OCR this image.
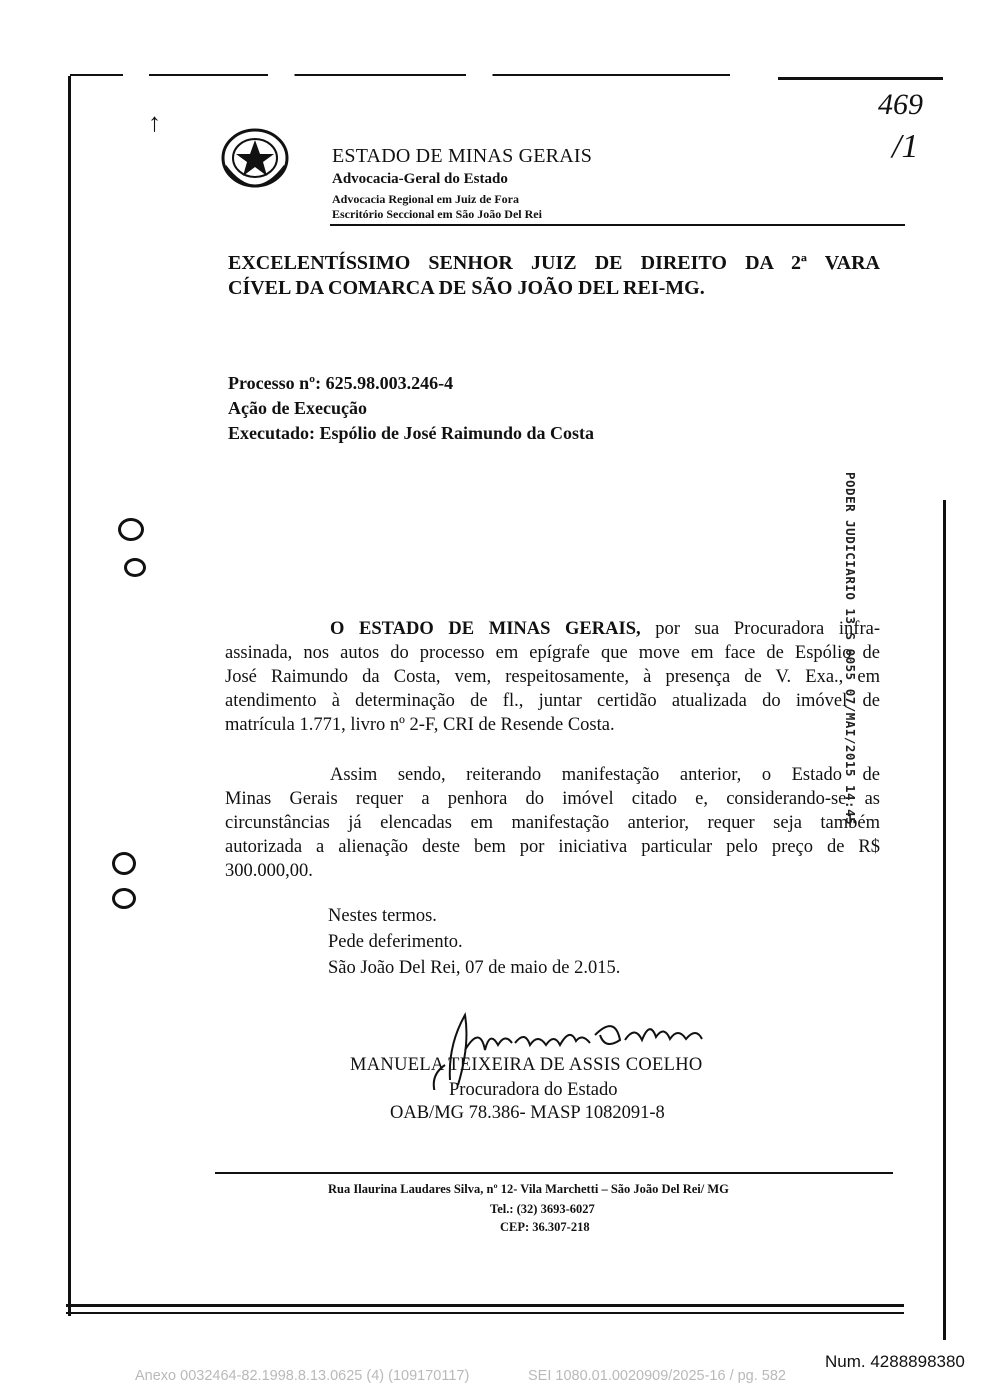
↑
469
/1
ESTADO DE MINAS GERAIS
Advocacia-Geral do Estado
Advocacia Regional em Juiz de Fora
Escritório Seccional em São João Del Rei
EXCELENTÍSSIMO SENHOR JUIZ DE DIREITO DA 2ª VARA
CÍVEL DA COMARCA DE SÃO JOÃO DEL REI-MG.
Processo nº: 625.98.003.246-4
Ação de Execução
Executado: Espólio de José Raimundo da Costa
O ESTADO DE MINAS GERAIS, por sua Procuradora infra-
assinada, nos autos do processo em epígrafe que move em face de Espólio de
José Raimundo da Costa, vem, respeitosamente, à presença de V. Exa., em
atendimento à determinação de fl., juntar certidão atualizada do imóvel de
matrícula 1.771, livro nº 2-F, CRI de Resende Costa.
Assim sendo, reiterando manifestação anterior, o Estado de
Minas Gerais requer a penhora do imóvel citado e, considerando-se as
circunstâncias já elencadas em manifestação anterior, requer seja também
autorizada a alienação deste bem por iniciativa particular pelo preço de R$
300.000,00.
Nestes termos.
Pede deferimento.
São João Del Rei, 07 de maio de 2.015.
MANUELA TEIXEIRA DE ASSIS COELHO
Procuradora do Estado
OAB/MG 78.386- MASP 1082091-8
Rua Ilaurina Laudares Silva, nº 12- Vila Marchetti – São João Del Rei/ MG
Tel.: (32) 3693-6027
CEP: 36.307-218
PODER JUDICIARIO 13 S 0055 07/MAI/2015 14:45
Num. 4288898380
Anexo 0032464-82.1998.8.13.0625 (4) (109170117)	SEI 1080.01.0020909/2025-16 / pg. 582
